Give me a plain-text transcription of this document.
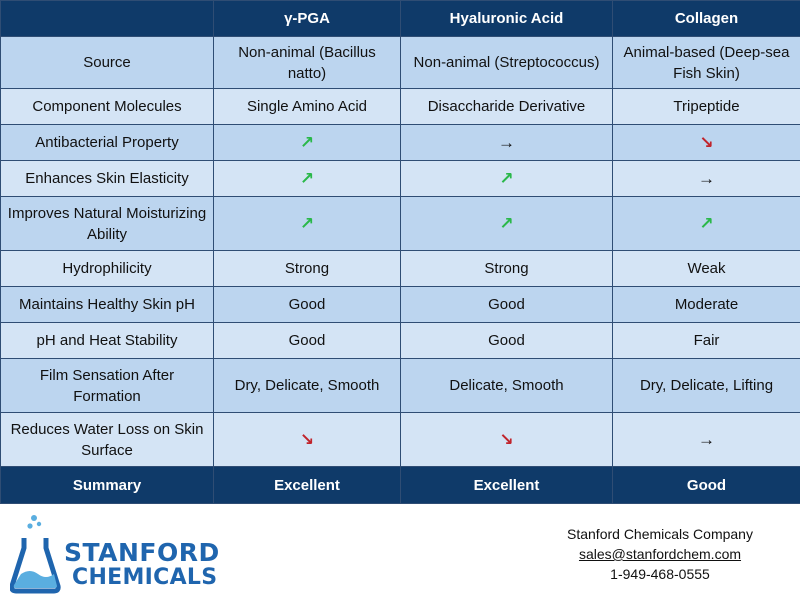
	γ-PGA	Hyaluronic Acid	Collagen
Source	Non-animal (Bacillus natto)	Non-animal (Streptococcus)	Animal-based (Deep-sea Fish Skin)
Component Molecules	Single Amino Acid	Disaccharide Derivative	Tripeptide
Antibacterial Property	↗	→	↘
Enhances Skin Elasticity	↗	↗	→
Improves Natural Moisturizing Ability	↗	↗	↗
Hydrophilicity	Strong	Strong	Weak
Maintains Healthy Skin pH	Good	Good	Moderate
pH and Heat Stability	Good	Good	Fair
Film Sensation After Formation	Dry, Delicate, Smooth	Delicate, Smooth	Dry, Delicate, Lifting
Reduces Water Loss on Skin Surface	↘	↘	→
Summary	Excellent	Excellent	Good
STANFORD
CHEMICALS
Stanford Chemicals Company
sales@stanfordchem.com
1-949-468-0555
